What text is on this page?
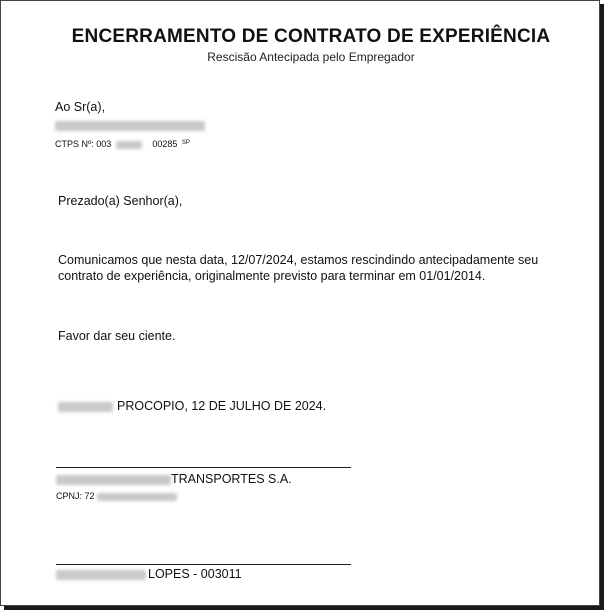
ENCERRAMENTO DE CONTRATO DE EXPERIÊNCIA
Rescisão Antecipada pelo Empregador
Ao Sr(a),
CTPS Nº: 003	00285 $^{SP}$
Prezado(a) Senhor(a),
Comunicamos que nesta data, 12/07/2024, estamos rescindindo antecipadamente seu contrato de experiência, originalmente previsto para terminar em 01/01/2014.
Favor dar seu ciente.
PROCOPIO, 12 DE JULHO DE 2024.
TRANSPORTES S.A.
CPNJ: 72
LOPES - 003011
